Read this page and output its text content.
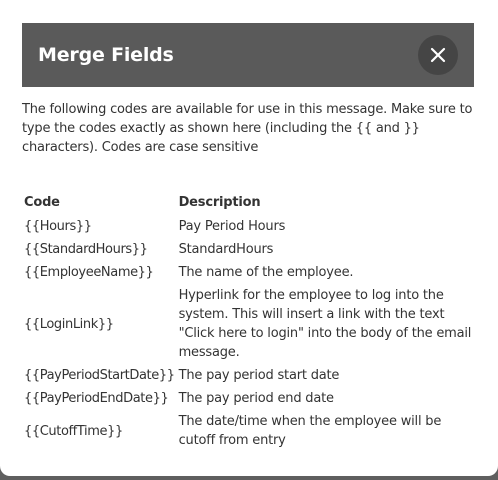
Merge Fields
The following codes are available for use in this message. Make sure to type the codes exactly as shown here (including the {{ and }} characters). Codes are case sensitive
Code	Description
{{Hours}}	Pay Period Hours
{{StandardHours}}	StandardHours
{{EmployeeName}}	The name of the employee.
{{LoginLink}}	Hyperlink for the employee to log into the system. This will insert a link with the text "Click here to login" into the body of the email message.
{{PayPeriodStartDate}}	The pay period start date
{{PayPeriodEndDate}}	The pay period end date
{{CutoffTime}}	The date/time when the employee will be cutoff from entry
